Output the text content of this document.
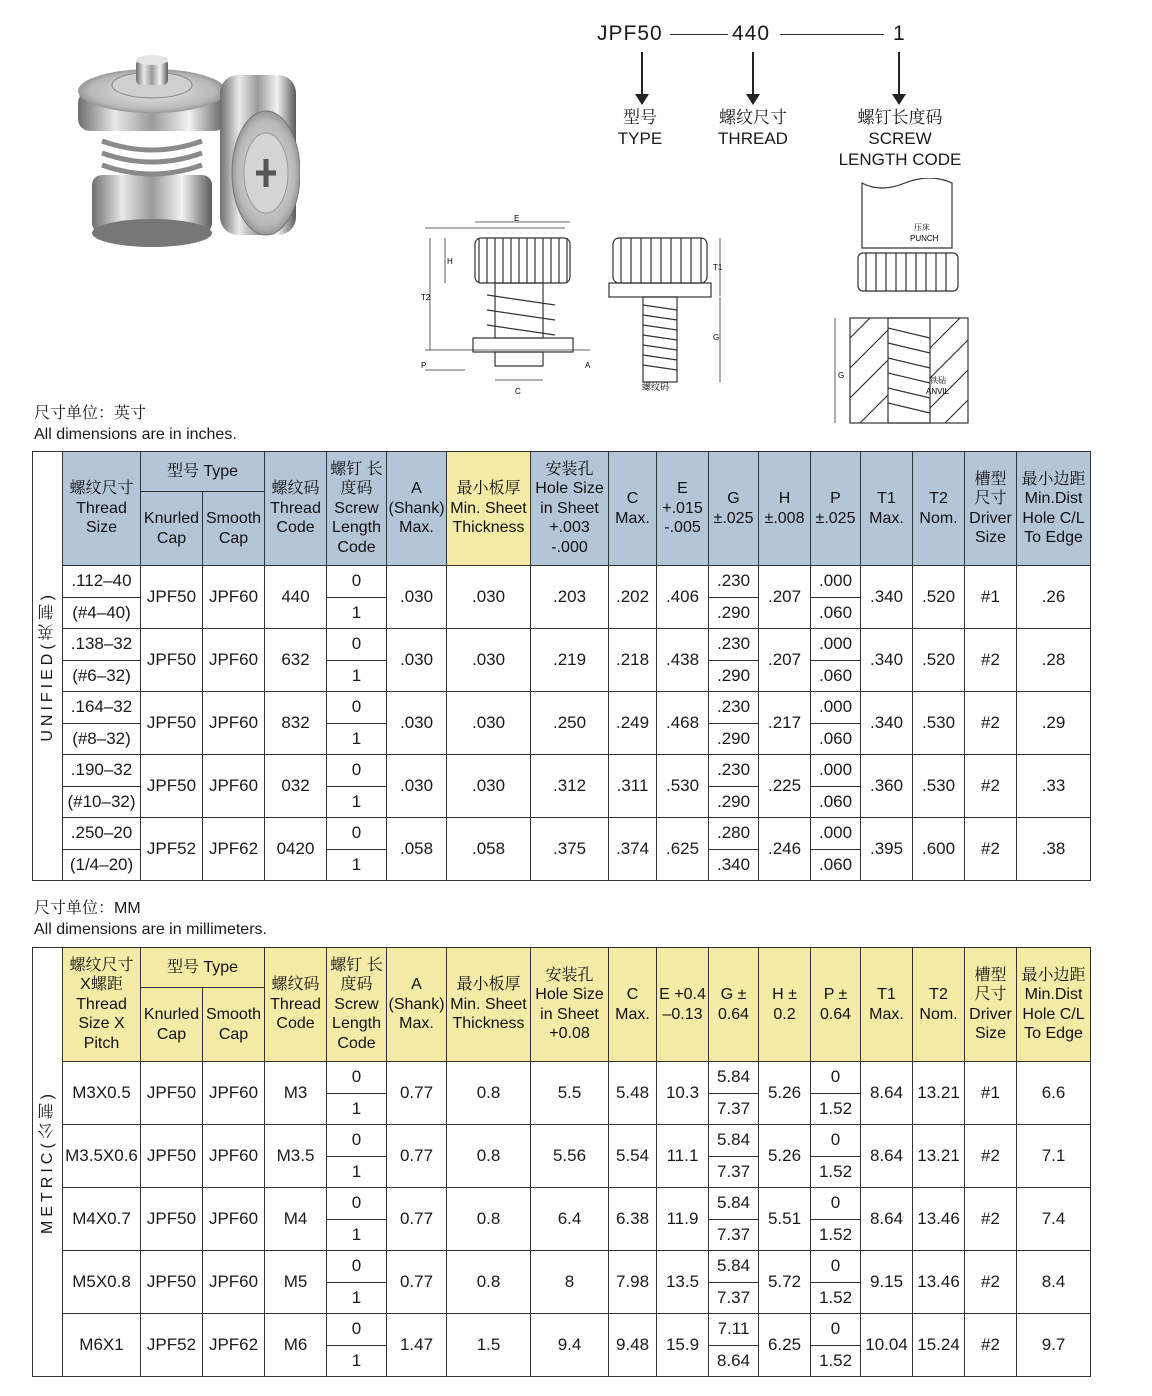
JPF50	440	1
型号
TYPE
螺纹尺寸
THREAD
螺钉长度码
SCREW
LENGTH CODE
E
H
T2
P	A
C
T1
G
螺纹码
压床
PUNCH
铁砧
ANVIL
G
尺寸单位：英寸
All dimensions are in inches.
UNIFIED(英制)	螺纹尺寸 Thread Size	型号 Type		螺纹码 Thread Code	螺钉 长度码 Screw Length Code	A (Shank) Max.	最小板厚 Min. Sheet Thickness	安装孔 Hole Size in Sheet +.003 -.000	C Max.	E +.015 -.005	G ±.025	H ±.008	P ±.025	T1 Max.	T2 Nom.	槽型 尺寸 Driver Size	最小边距 Min.Dist Hole C/L To Edge
		Knurled Cap	Smooth Cap														
	.112–40	JPF50	JPF60	440	0	.030	.030	.203	.202	.406	.230	.207	.000	.340	.520	#1	.26
	(#4–40)				1						.290		.060				
	.138–32	JPF50	JPF60	632	0	.030	.030	.219	.218	.438	.230	.207	.000	.340	.520	#2	.28
	(#6–32)				1						.290		.060				
	.164–32	JPF50	JPF60	832	0	.030	.030	.250	.249	.468	.230	.217	.000	.340	.530	#2	.29
	(#8–32)				1						.290		.060				
	.190–32	JPF50	JPF60	032	0	.030	.030	.312	.311	.530	.230	.225	.000	.360	.530	#2	.33
	(#10–32)				1						.290		.060				
	.250–20	JPF52	JPF62	0420	0	.058	.058	.375	.374	.625	.280	.246	.000	.395	.600	#2	.38
	(1/4–20)				1						.340		.060				
尺寸单位：MM
All dimensions are in millimeters.
METRIC(公制)	螺纹尺寸 X螺距 Thread Size X Pitch	型号 Type		螺纹码 Thread Code	螺钉 长度码 Screw Length Code	A (Shank) Max.	最小板厚 Min. Sheet Thickness	安装孔 Hole Size in Sheet +0.08	C Max.	E +0.4 –0.13	G ± 0.64	H ± 0.2	P ± 0.64	T1 Max.	T2 Nom.	槽型 尺寸 Driver Size	最小边距 Min.Dist Hole C/L To Edge
		Knurled Cap	Smooth Cap														
	M3X0.5	JPF50	JPF60	M3	0	0.77	0.8	5.5	5.48	10.3	5.84	5.26	0	8.64	13.21	#1	6.6
					1						7.37		1.52				
	M3.5X0.6	JPF50	JPF60	M3.5	0	0.77	0.8	5.56	5.54	11.1	5.84	5.26	0	8.64	13.21	#2	7.1
					1						7.37		1.52				
	M4X0.7	JPF50	JPF60	M4	0	0.77	0.8	6.4	6.38	11.9	5.84	5.51	0	8.64	13.46	#2	7.4
					1						7.37		1.52				
	M5X0.8	JPF50	JPF60	M5	0	0.77	0.8	8	7.98	13.5	5.84	5.72	0	9.15	13.46	#2	8.4
					1						7.37		1.52				
	M6X1	JPF52	JPF62	M6	0	1.47	1.5	9.4	9.48	15.9	7.11	6.25	0	10.04	15.24	#2	9.7
					1						8.64		1.52				
